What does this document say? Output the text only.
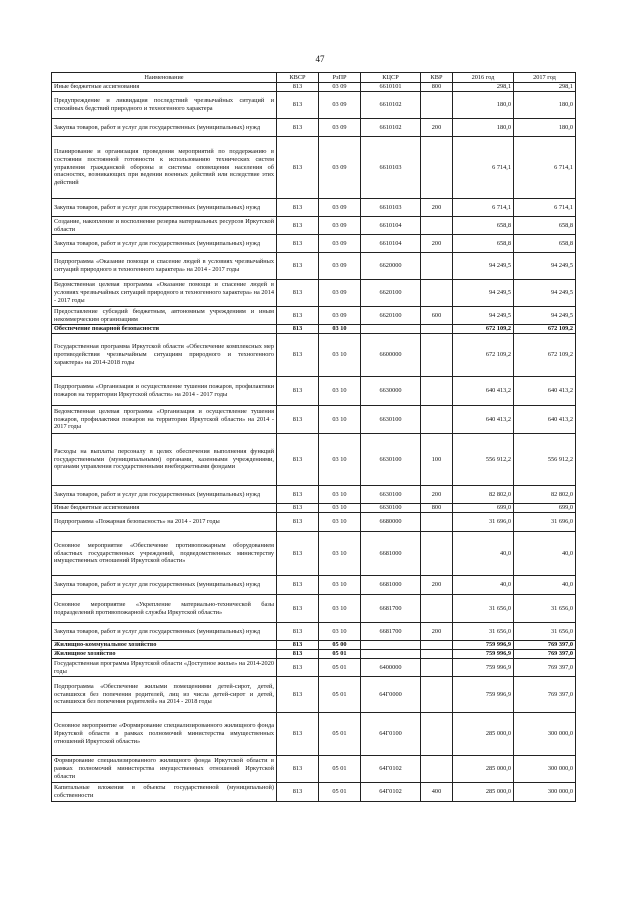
47
Наименование	КВСР	РзПР	КЦСР	КВР	2016 год	2017 год
Иные бюджетные ассигнования	813	03 09	6610101	800	298,1	298,1
Предупреждение и ликвидация последствий чрезвычайных ситуаций и стихийных бедствий природного и техногенного характера	813	03 09	6610102		180,0	180,0
Закупка товаров, работ и услуг для государственных (муниципальных) нужд	813	03 09	6610102	200	180,0	180,0
Планирование и организация проведения мероприятий по поддержанию в состоянии постоянной готовности к использованию технических систем управления гражданской обороны и системы оповещения населения об опасностях, возникающих при ведении военных действий или вследствие этих действий	813	03 09	6610103		6 714,1	6 714,1
Закупка товаров, работ и услуг для государственных (муниципальных) нужд	813	03 09	6610103	200	6 714,1	6 714,1
Создание, накопление и восполнение резерва материальных ресурсов Иркутской области	813	03 09	6610104		658,8	658,8
Закупка товаров, работ и услуг для государственных (муниципальных) нужд	813	03 09	6610104	200	658,8	658,8
Подпрограмма «Оказание помощи и спасение людей в условиях чрезвычайных ситуаций природного и техногенного характера» на 2014 - 2017 годы	813	03 09	6620000		94 249,5	94 249,5
Ведомственная целевая программа «Оказание помощи и спасение людей в условиях чрезвычайных ситуаций природного и техногенного характера» на 2014 - 2017 годы	813	03 09	6620100		94 249,5	94 249,5
Предоставление субсидий бюджетным, автономным учреждениям и иным некоммерческим организациям	813	03 09	6620100	600	94 249,5	94 249,5
Обеспечение пожарной безопасности	813	03 10			672 109,2	672 109,2
Государственная программа Иркутской области «Обеспечение комплексных мер противодействия чрезвычайным ситуациям природного и техногенного характера» на 2014-2018 годы	813	03 10	6600000		672 109,2	672 109,2
Подпрограмма «Организация и осуществление тушения пожаров, профилактики пожаров на территории Иркутской области» на 2014 - 2017 годы	813	03 10	6630000		640 413,2	640 413,2
Ведомственная целевая программа «Организация и осуществление тушения пожаров, профилактики пожаров на территории Иркутской области» на 2014 - 2017 годы	813	03 10	6630100		640 413,2	640 413,2
Расходы на выплаты персоналу в целях обеспечения выполнения функций государственными (муниципальными) органами, казенными учреждениями, органами управления государственными внебюджетными фондами	813	03 10	6630100	100	556 912,2	556 912,2
Закупка товаров, работ и услуг для государственных (муниципальных) нужд	813	03 10	6630100	200	82 802,0	82 802,0
Иные бюджетные ассигнования	813	03 10	6630100	800	699,0	699,0
Подпрограмма «Пожарная безопасность» на 2014 - 2017 годы	813	03 10	6680000		31 696,0	31 696,0
Основное мероприятие «Обеспечение противопожарным оборудованием областных государственных учреждений, подведомственных министерству имущественных отношений Иркутской области»	813	03 10	6681000		40,0	40,0
Закупка товаров, работ и услуг для государственных (муниципальных) нужд	813	03 10	6681000	200	40,0	40,0
Основное мероприятие «Укрепление материально-технической базы подразделений противопожарной службы Иркутской области»	813	03 10	6681700		31 656,0	31 656,0
Закупка товаров, работ и услуг для государственных (муниципальных) нужд	813	03 10	6681700	200	31 656,0	31 656,0
Жилищно-коммунальное хозяйство	813	05 00			759 996,9	769 397,0
Жилищное хозяйство	813	05 01			759 996,9	769 397,0
Государственная программа Иркутской области «Доступное жилье» на 2014-2020 годы	813	05 01	6400000		759 996,9	769 397,0
Подпрограмма «Обеспечение жилыми помещениями детей-сирот, детей, оставшихся без попечения родителей, лиц из числа детей-сирот и детей, оставшихся без попечения родителей» на 2014 - 2018 годы	813	05 01	64Г0000		759 996,9	769 397,0
Основное мероприятие «Формирование специализированного жилищного фонда Иркутской области в рамках полномочий министерства имущественных отношений Иркутской области»	813	05 01	64Г0100		285 000,0	300 000,0
Формирование специализированного жилищного фонда Иркутской области в рамках полномочий министерства имущественных отношений Иркутской области	813	05 01	64Г0102		285 000,0	300 000,0
Капитальные вложения в объекты государственной (муниципальной) собственности	813	05 01	64Г0102	400	285 000,0	300 000,0
